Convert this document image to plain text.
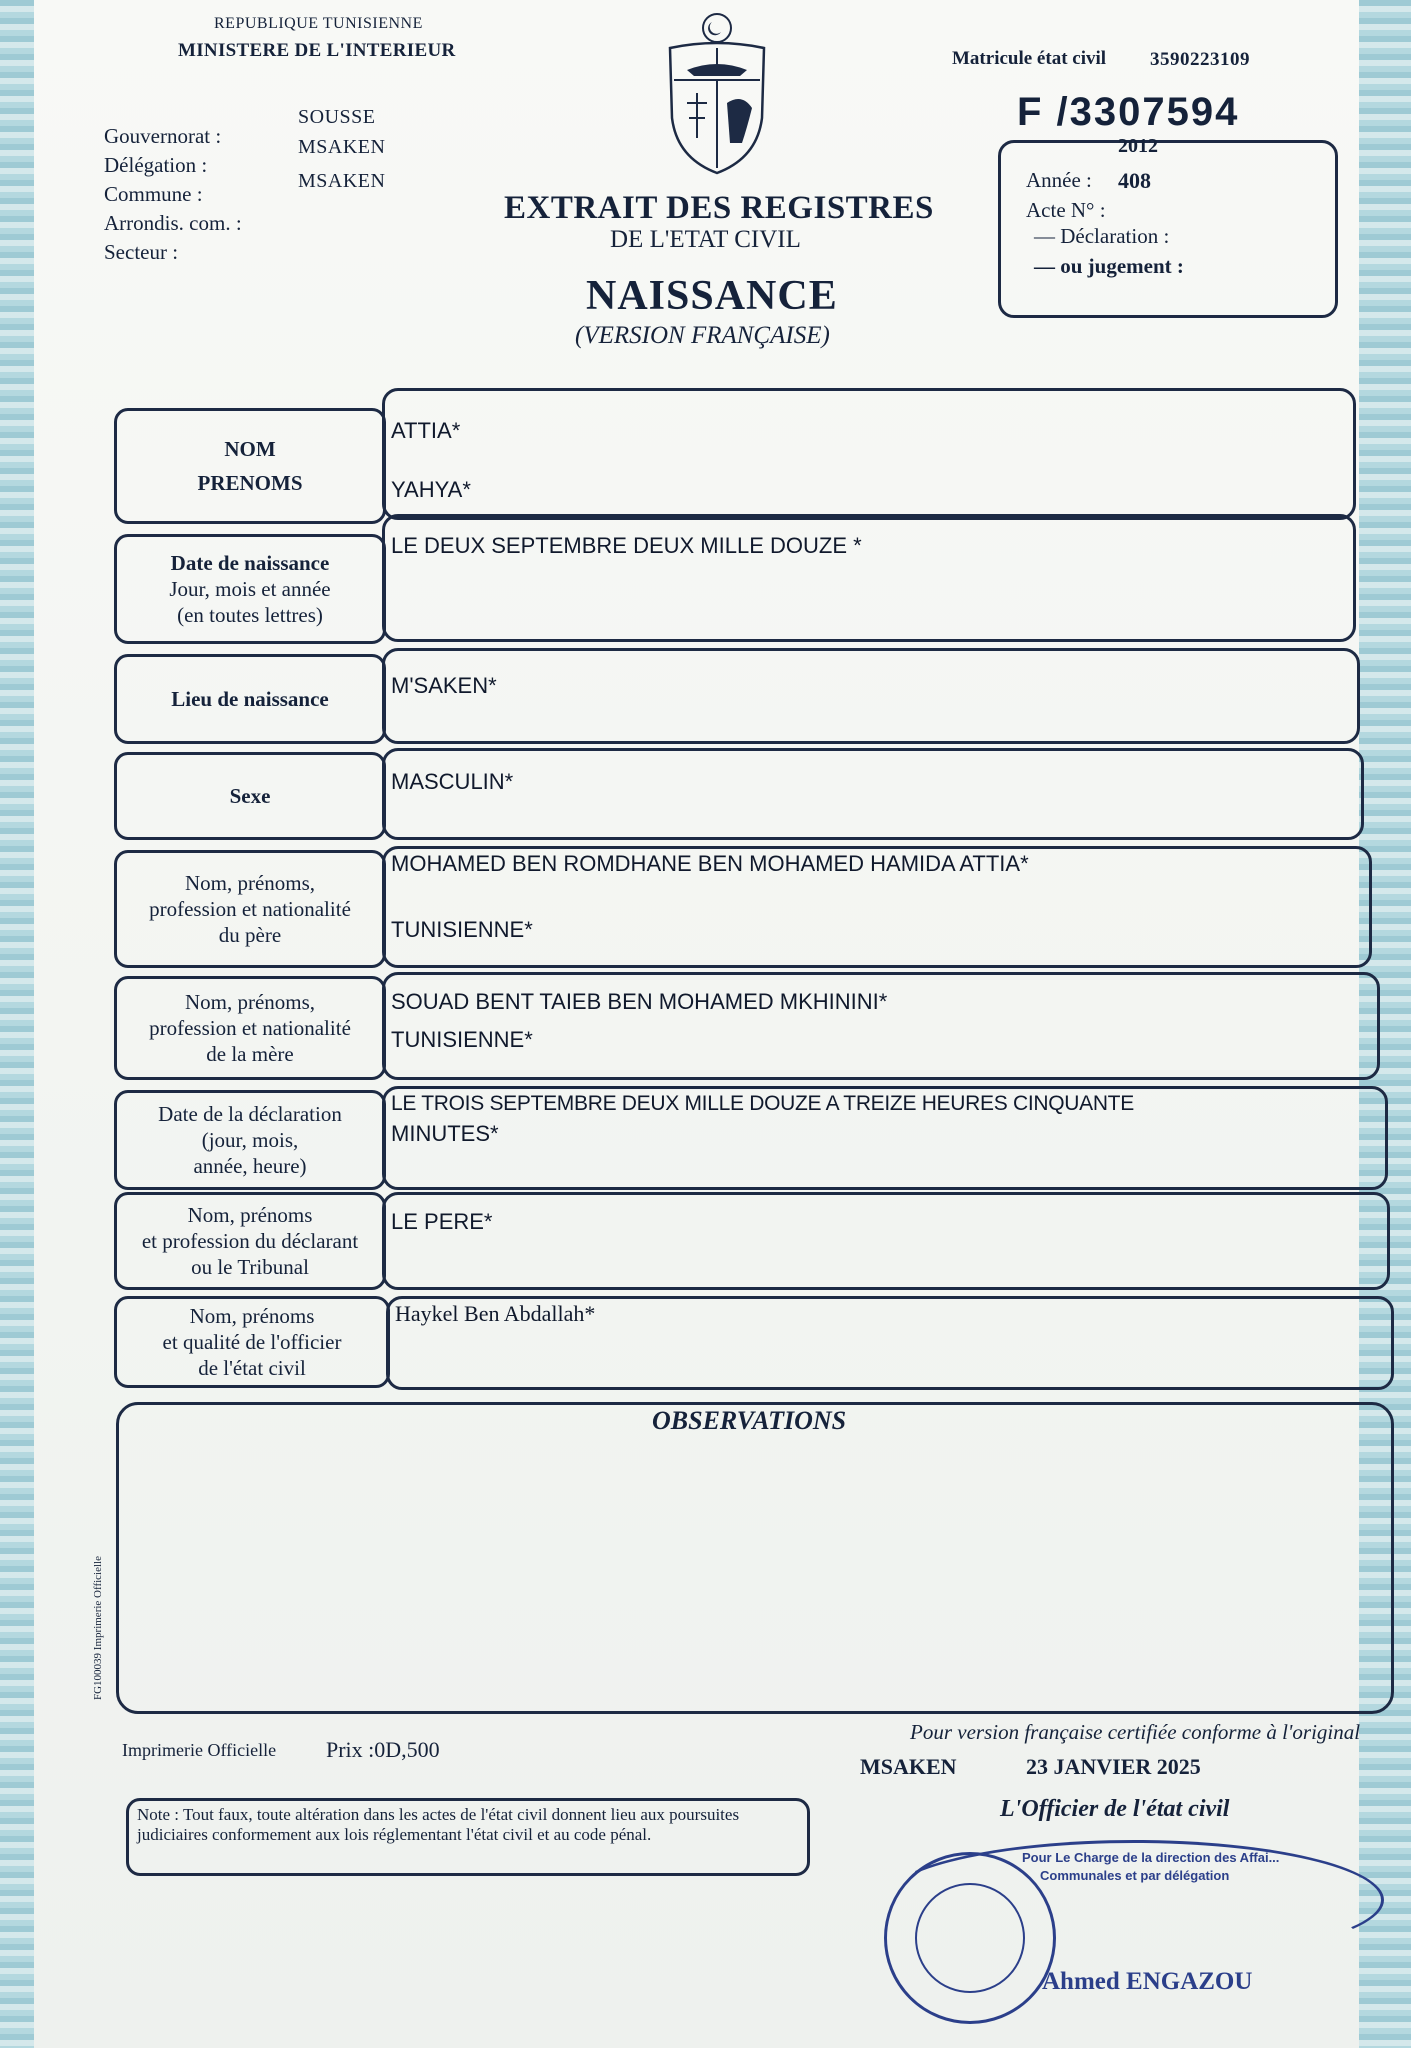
REPUBLIQUE TUNISIENNE
MINISTERE DE L'INTERIEUR
Gouvernorat :
Délégation :
Commune :
Arrondis. com. :
Secteur :
SOUSSE
MSAKEN
MSAKEN
Matricule état civil 3590223109
F /3307594
2012
Année : 408
Acte N° :
— Déclaration :
— ou jugement :
EXTRAIT DES REGISTRES
DE L'ETAT CIVIL
NAISSANCE
(VERSION FRANÇAISE)
NOM
PRENOMS
ATTIA*
YAHYA*
Date de naissance
Jour, mois et année
(en toutes lettres)
LE DEUX SEPTEMBRE DEUX MILLE DOUZE *
Lieu de naissance
M'SAKEN*
Sexe
MASCULIN*
Nom, prénoms,
profession et nationalité
du père
MOHAMED BEN ROMDHANE BEN MOHAMED HAMIDA ATTIA*
TUNISIENNE*
Nom, prénoms,
profession et nationalité
de la mère
SOUAD BENT TAIEB BEN MOHAMED MKHININI*
TUNISIENNE*
Date de la déclaration
(jour, mois,
année, heure)
LE TROIS SEPTEMBRE DEUX MILLE DOUZE A TREIZE HEURES CINQUANTE
MINUTES*
Nom, prénoms
et profession du déclarant
ou le Tribunal
LE PERE*
Nom, prénoms
et qualité de l'officier
de l'état civil
Haykel Ben Abdallah*
OBSERVATIONS
FG100039 Imprimerie Officielle
Imprimerie Officielle Prix :0D,500
Pour version française certifiée conforme à l'original
MSAKEN	23 JANVIER 2025
L'Officier de l'état civil
Note : Tout faux, toute altération dans les actes de l'état civil donnent lieu aux poursuites judiciaires conformement aux lois réglementant l'état civil et au code pénal.
Pour Le Charge de la direction des Affai...
Communales et par délégation
Ahmed ENGAZOU
